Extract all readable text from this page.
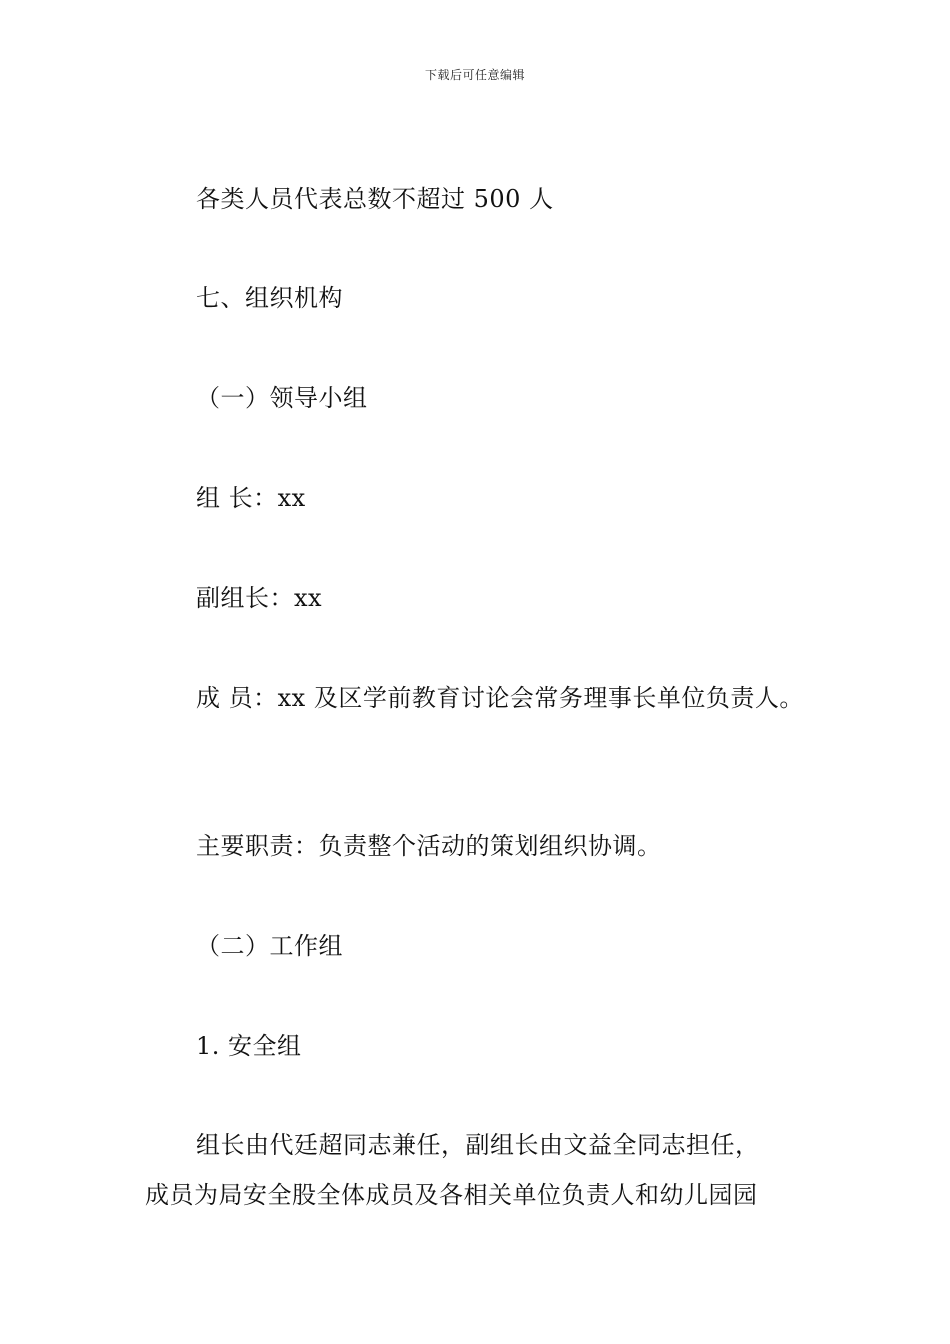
下载后可任意编辑
各类人员代表总数不超过 500 人
七、组织机构
（一）领导小组
组 长：xx
副组长：xx
成 员：xx 及区学前教育讨论会常务理事长单位负责人。
主要职责：负责整个活动的策划组织协调。
（二）工作组
1. 安全组
组长由代廷超同志兼任，副组长由文益全同志担任，
成员为局安全股全体成员及各相关单位负责人和幼儿园园
